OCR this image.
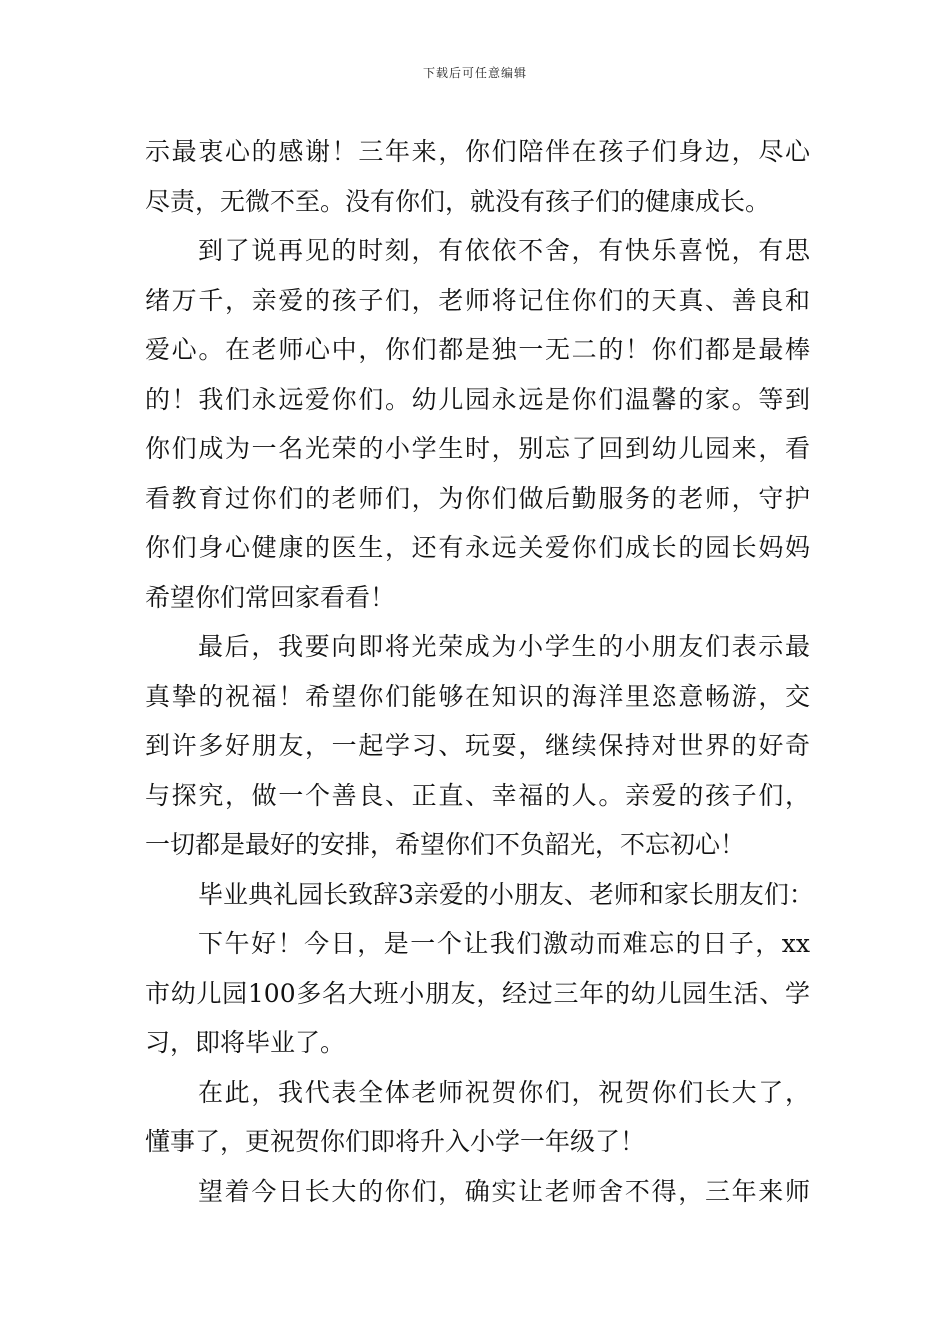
下载后可任意编辑
示最衷心的感谢！三年来，你们陪伴在孩子们身边，尽心
尽责，无微不至。没有你们，就没有孩子们的健康成长。
到了说再见的时刻，有依依不舍，有快乐喜悦，有思
绪万千，亲爱的孩子们，老师将记住你们的天真、善良和
爱心。在老师心中，你们都是独一无二的！你们都是最棒
的！我们永远爱你们。幼儿园永远是你们温馨的家。等到
你们成为一名光荣的小学生时，别忘了回到幼儿园来，看
看教育过你们的老师们，为你们做后勤服务的老师，守护
你们身心健康的医生，还有永远关爱你们成长的园长妈妈
希望你们常回家看看！
最后，我要向即将光荣成为小学生的小朋友们表示最
真挚的祝福！希望你们能够在知识的海洋里恣意畅游，交
到许多好朋友，一起学习、玩耍，继续保持对世界的好奇
与探究，做一个善良、正直、幸福的人。亲爱的孩子们，
一切都是最好的安排，希望你们不负韶光，不忘初心！
毕业典礼园长致辞3亲爱的小朋友、老师和家长朋友们：
下午好！今日，是一个让我们激动而难忘的日子，xx
市幼儿园100多名大班小朋友，经过三年的幼儿园生活、学
习，即将毕业了。
在此，我代表全体老师祝贺你们，祝贺你们长大了，
懂事了，更祝贺你们即将升入小学一年级了！
望着今日长大的你们，确实让老师舍不得，三年来师
